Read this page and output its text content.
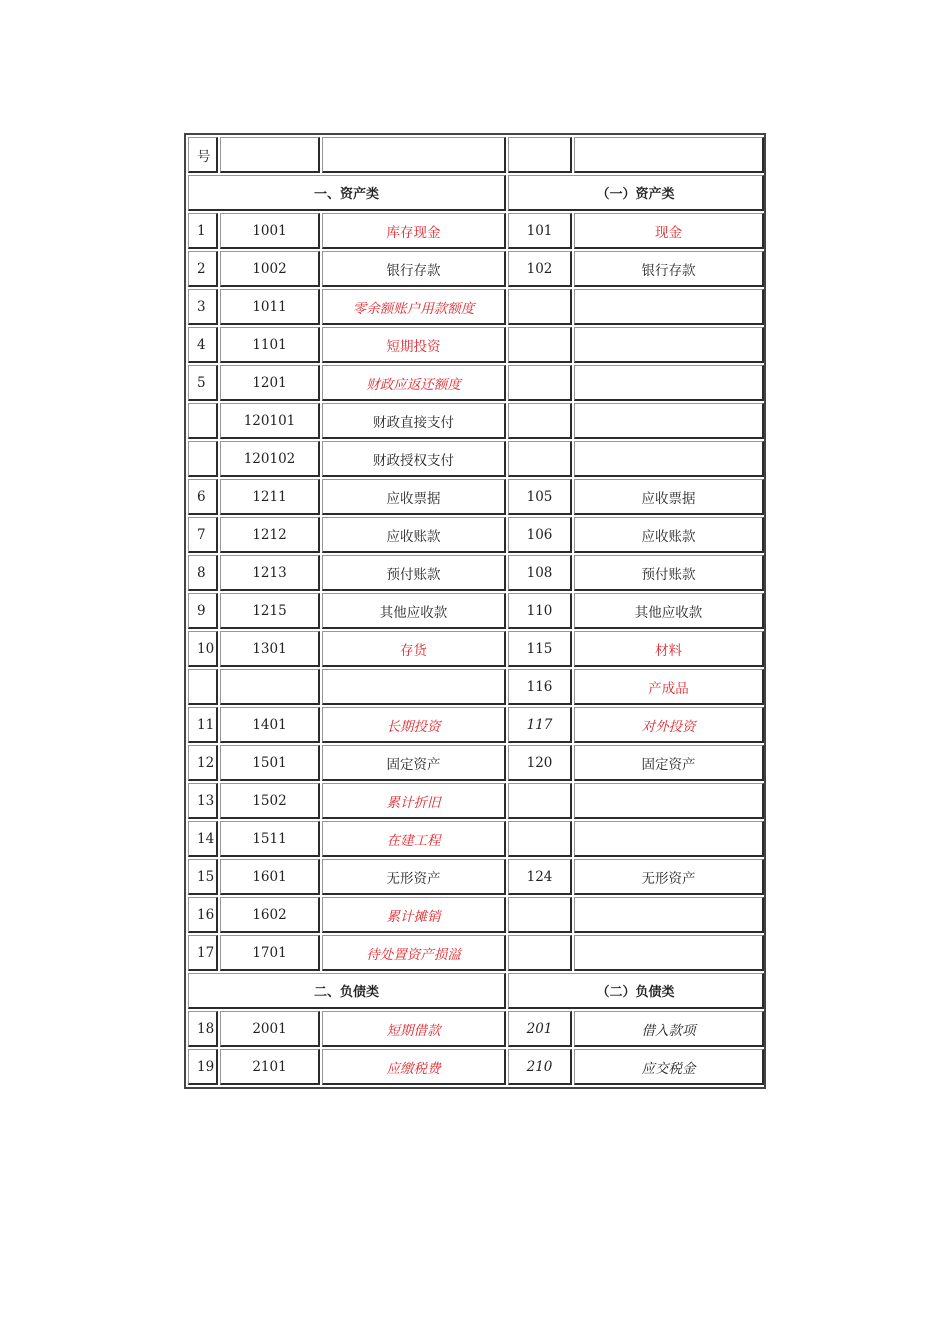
号				
一、资产类			（一）资产类	
1	1001	库存现金	101	现金
2	1002	银行存款	102	银行存款
3	1011	零余额账户用款额度		
4	1101	短期投资		
5	1201	财政应返还额度		
	120101	财政直接支付		
	120102	财政授权支付		
6	1211	应收票据	105	应收票据
7	1212	应收账款	106	应收账款
8	1213	预付账款	108	预付账款
9	1215	其他应收款	110	其他应收款
10	1301	存货	115	材料
			116	产成品
11	1401	长期投资	117	对外投资
12	1501	固定资产	120	固定资产
13	1502	累计折旧		
14	1511	在建工程		
15	1601	无形资产	124	无形资产
16	1602	累计摊销		
17	1701	待处置资产损溢		
二、负债类			（二）负债类	
18	2001	短期借款	201	借入款项
19	2101	应缴税费	210	应交税金
